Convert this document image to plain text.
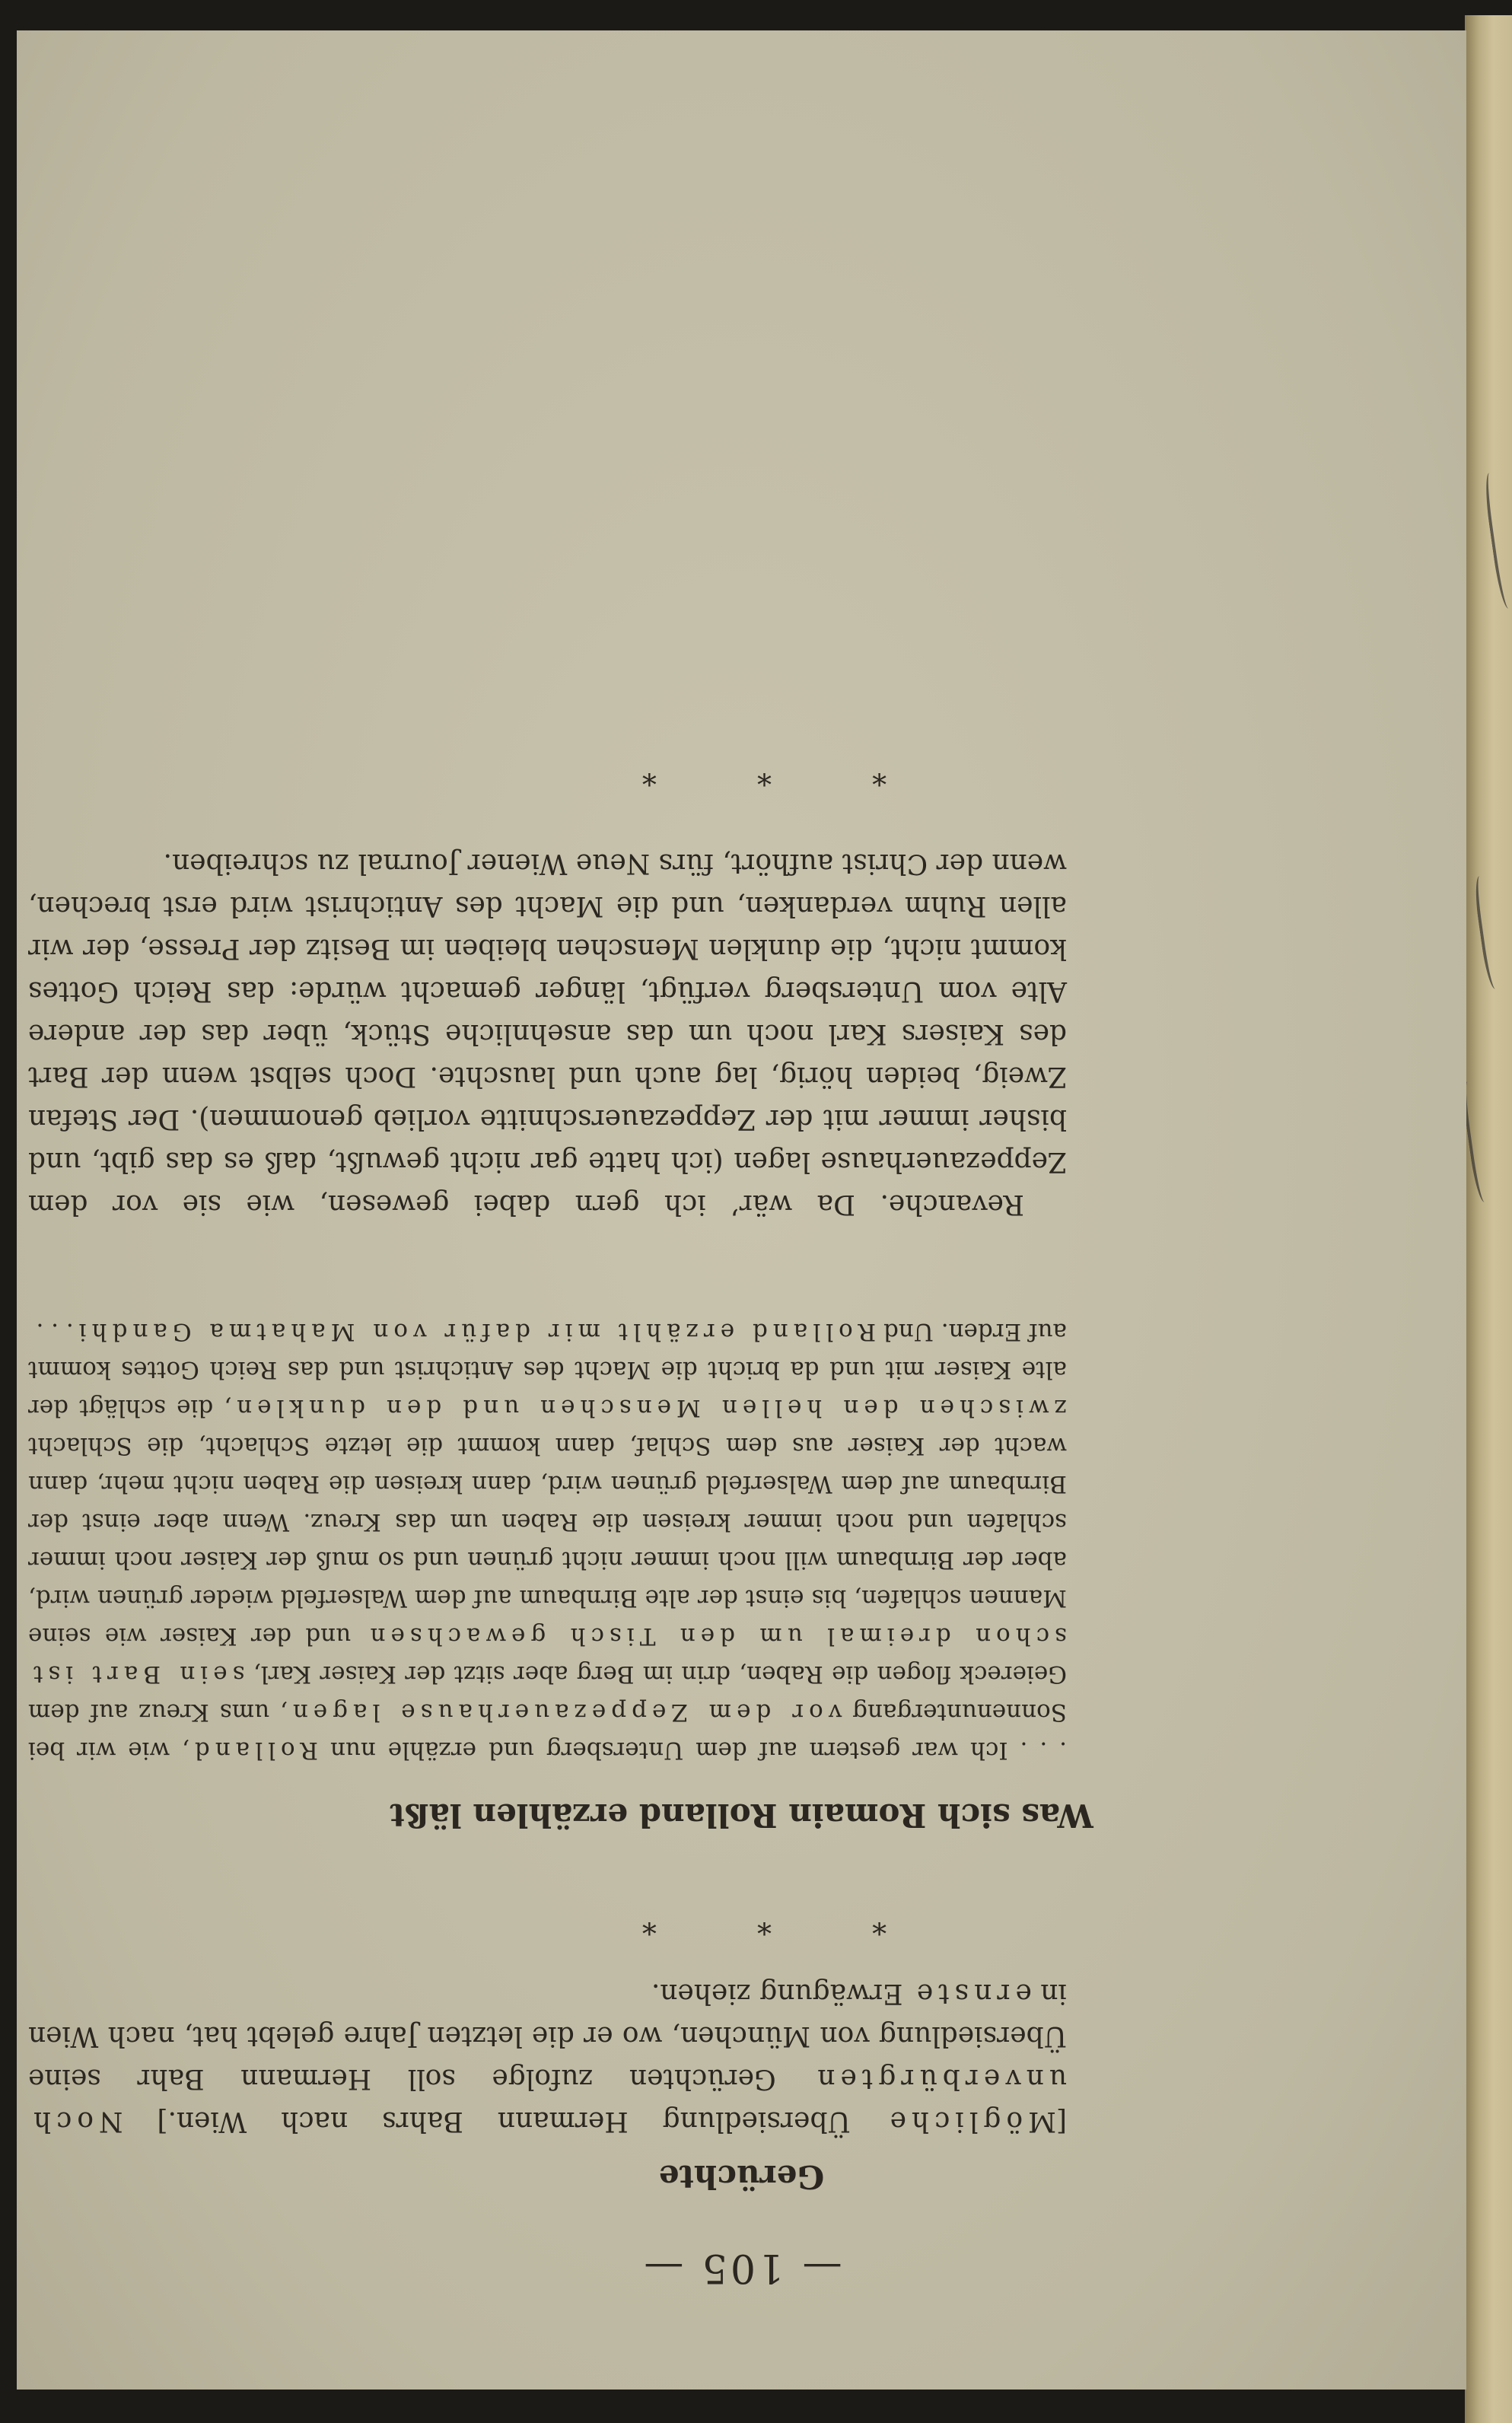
— 105 —
Gerüchte

[Mögliche Übersiedlung Hermann Bahrs nach Wien.] Noch unverbürgten Gerüchten zufolge soll Hermann Bahr seine Übersiedlung von München, wo er die letzten Jahre gelebt hat, nach Wien in ernste Erwägung ziehen.

* * *
Was sich Romain Rolland erzählen läßt

. . . Ich war gestern auf dem Untersberg und erzähle nun Rolland, wie wir bei Sonnenuntergang vor dem Zeppezauerhause lagen, ums Kreuz auf dem Geiereck flogen die Raben, drin im Berg aber sitzt der Kaiser Karl, sein Bart ist schon dreimal um den Tisch gewachsen und der Kaiser wie seine Mannen schlafen, bis einst der alte Birnbaum auf dem Walserfeld wieder grünen wird, aber der Birnbaum will noch immer nicht grünen und so muß der Kaiser noch immer schlafen und noch immer kreisen die Raben um das Kreuz. Wenn aber einst der Birnbaum auf dem Walserfeld grünen wird, dann kreisen die Raben nicht mehr, dann wacht der Kaiser aus dem Schlaf, dann kommt die letzte Schlacht, die Schlacht zwischen den hellen Menschen und den dunklen, die schlägt der alte Kaiser mit und da bricht die Macht des Antichrist und das Reich Gottes kommt auf Erden. Und Rolland erzählt mir dafür von Mahatma Gandhi. . .

Revanche. Da wär’ ich gern dabei gewesen, wie sie vor dem Zeppezauerhause lagen (ich hatte gar nicht gewußt, daß es das gibt, und bisher immer mit der Zeppezauerschnitte vorlieb genommen). Der Stefan Zweig, beiden hörig, lag auch und lauschte. Doch selbst wenn der Bart des Kaisers Karl noch um das ansehnliche Stück, über das der andere Alte vom Untersberg verfügt, länger gemacht würde: das Reich Gottes kommt nicht, die dunklen Menschen bleiben im Besitz der Presse, der wir allen Ruhm verdanken, und die Macht des Antichrist wird erst brechen, wenn der Christ aufhört, fürs Neue Wiener Journal zu schreiben.

* * *
